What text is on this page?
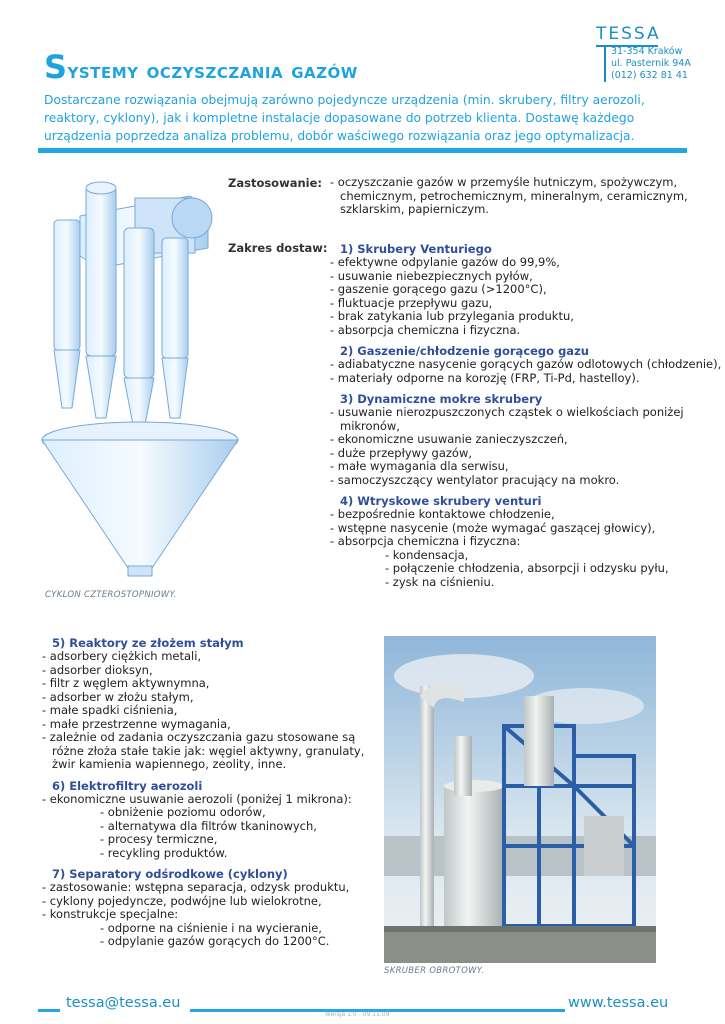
Systemy oczyszczania gazów
TESSA
31-354 Kraków
ul. Pasternik 94A
(012) 632 81 41
Dostarczane rozwiązania obejmują zarówno pojedyncze urządzenia (min. skrubery, filtry aerozoli, reaktory, cyklony), jak i kompletne instalacje dopasowane do potrzeb klienta. Dostawę każdego urządzenia poprzedza analiza problemu, dobór waściwego rozwiązania oraz jego optymalizacja.
CYKLON CZTEROSTOPNIOWY.
Zastosowanie: - oczyszczanie gazów w przemyśle hutniczym, spożywczym,
chemicznym, petrochemicznym, mineralnym, ceramicznym,
szklarskim, papierniczym.
Zakres dostaw:	1) Skrubery Venturiego
- efektywne odpylanie gazów do 99,9%,
- usuwanie niebezpiecznych pyłów,
- gaszenie gorącego gazu (>1200°C),
- fluktuacje przepływu gazu,
- brak zatykania lub przylegania produktu,
- absorpcja chemiczna i fizyczna.
2) Gaszenie/chłodzenie gorącego gazu
- adiabatyczne nasycenie gorących gazów odlotowych (chłodzenie),
- materiały odporne na korozję (FRP, Ti-Pd, hastelloy).
3) Dynamiczne mokre skrubery
- usuwanie nierozpuszczonych cząstek o wielkościach poniżej
mikronów,
- ekonomiczne usuwanie zanieczyszczeń,
- duże przepływy gazów,
- małe wymagania dla serwisu,
- samoczyszczący wentylator pracujący na mokro.
4) Wtryskowe skrubery venturi
- bezpośrednie kontaktowe chłodzenie,
- wstępne nasycenie (może wymagać gaszącej głowicy),
- absorpcja chemiczna i fizyczna:
- kondensacja,
- połączenie chłodzenia, absorpcji i odzysku pyłu,
- zysk na ciśnieniu.
5) Reaktory ze złożem stałym
- adsorbery ciężkich metali,
- adsorber dioksyn,
- filtr z węglem aktywnymna,
- adsorber w złożu stałym,
- małe spadki ciśnienia,
- małe przestrzenne wymagania,
- zależnie od zadania oczyszczania gazu stosowane są
różne złoża stałe takie jak: węgiel aktywny, granulaty,
żwir kamienia wapiennego, zeolity, inne.
6) Elektrofiltry aerozoli
- ekonomiczne usuwanie aerozoli (poniżej 1 mikrona):
- obniżenie poziomu odorów,
- alternatywa dla filtrów tkaninowych,
- procesy termiczne,
- recykling produktów.
7) Separatory odśrodkowe (cyklony)
- zastosowanie: wstępna separacja, odzysk produktu,
- cyklony pojedyncze, podwójne lub wielokrotne,
- konstrukcje specjalne:
- odporne na ciśnienie i na wycieranie,
- odpylanie gazów gorących do 1200°C.
SKRUBER OBROTOWY.
tessa@tessa.eu	www.tessa.eu
Wersja 1.0 - 09.11.09
